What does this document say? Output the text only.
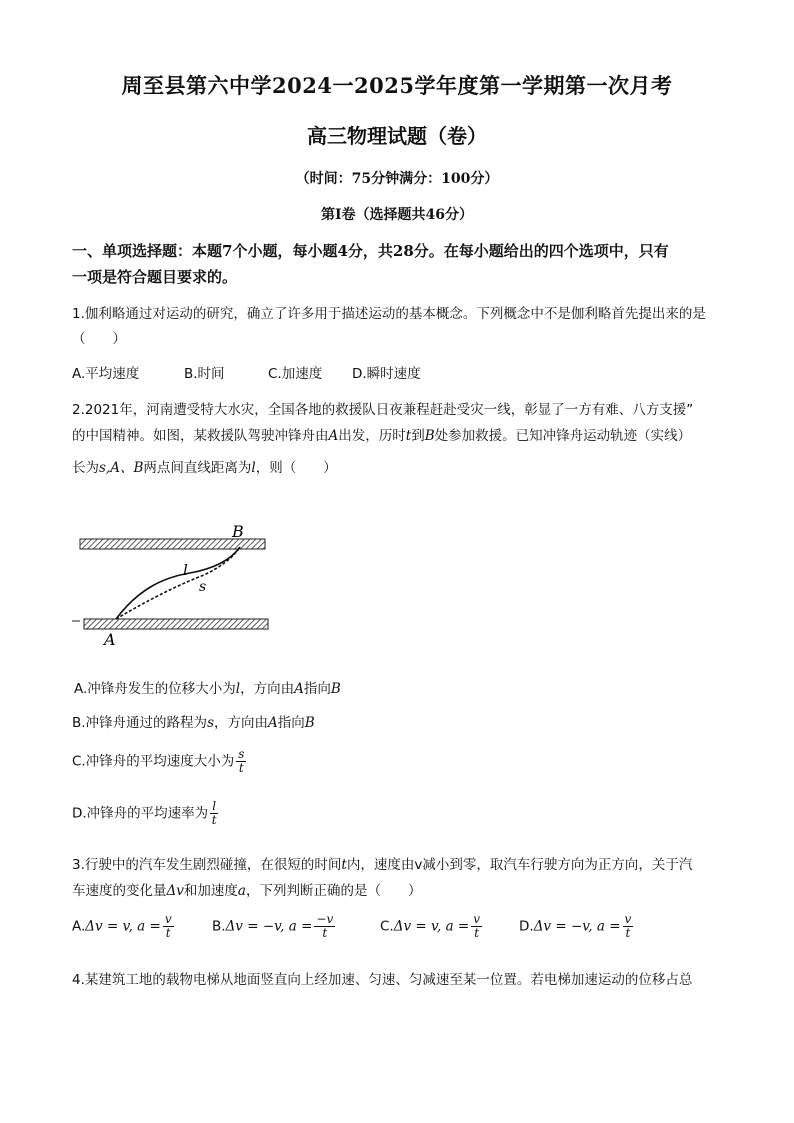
周至县第六中学2024一2025学年度第一学期第一次月考
高三物理试题（卷）
（时间：75分钟满分：100分）
第Ⅰ卷（选择题共46分）
一、单项选择题：本题7个小题，每小题4分，共28分。在每小题给出的四个选项中，只有
一项是符合题目要求的。
1.伽利略通过对运动的研究，确立了许多用于描述运动的基本概念。下列概念中不是伽利略首先提出来的是
（　　）
A.平均速度	B.时间	C.加速度 D.瞬时速度
2.2021年，河南遭受特大水灾，全国各地的救援队日夜兼程赶赴受灾一线，彰显了一方有难、八方支援”
的中国精神。如图，某救援队驾驶冲锋舟由A出发，历时t到B处参加救援。已知冲锋舟运动轨迹（实线）
长为s,A、B两点间直线距离为l，则（　　）
B
A
l
s
A.冲锋舟发生的位移大小为l，方向由A指向B
B.冲锋舟通过的路程为s，方向由A指向B
C.冲锋舟的平均速度大小为 $\frac{s}{t}$
D.冲锋舟的平均速率为 $\frac{l}{t}$
3.行驶中的汽车发生剧烈碰撞，在很短的时间t内，速度由v减小到零，取汽车行驶方向为正方向，关于汽
车速度的变化量Δv和加速度a，下列判断正确的是（　　）
A.Δv = v, $a = \frac{v}{t}$	B.Δv = −v, $a = \frac{-v}{t}$	C.Δv = v, $a = \frac{v}{t}$	D.Δv = −v, $a = \frac{v}{t}$
4.某建筑工地的载物电梯从地面竖直向上经加速、匀速、匀减速至某一位置。若电梯加速运动的位移占总
